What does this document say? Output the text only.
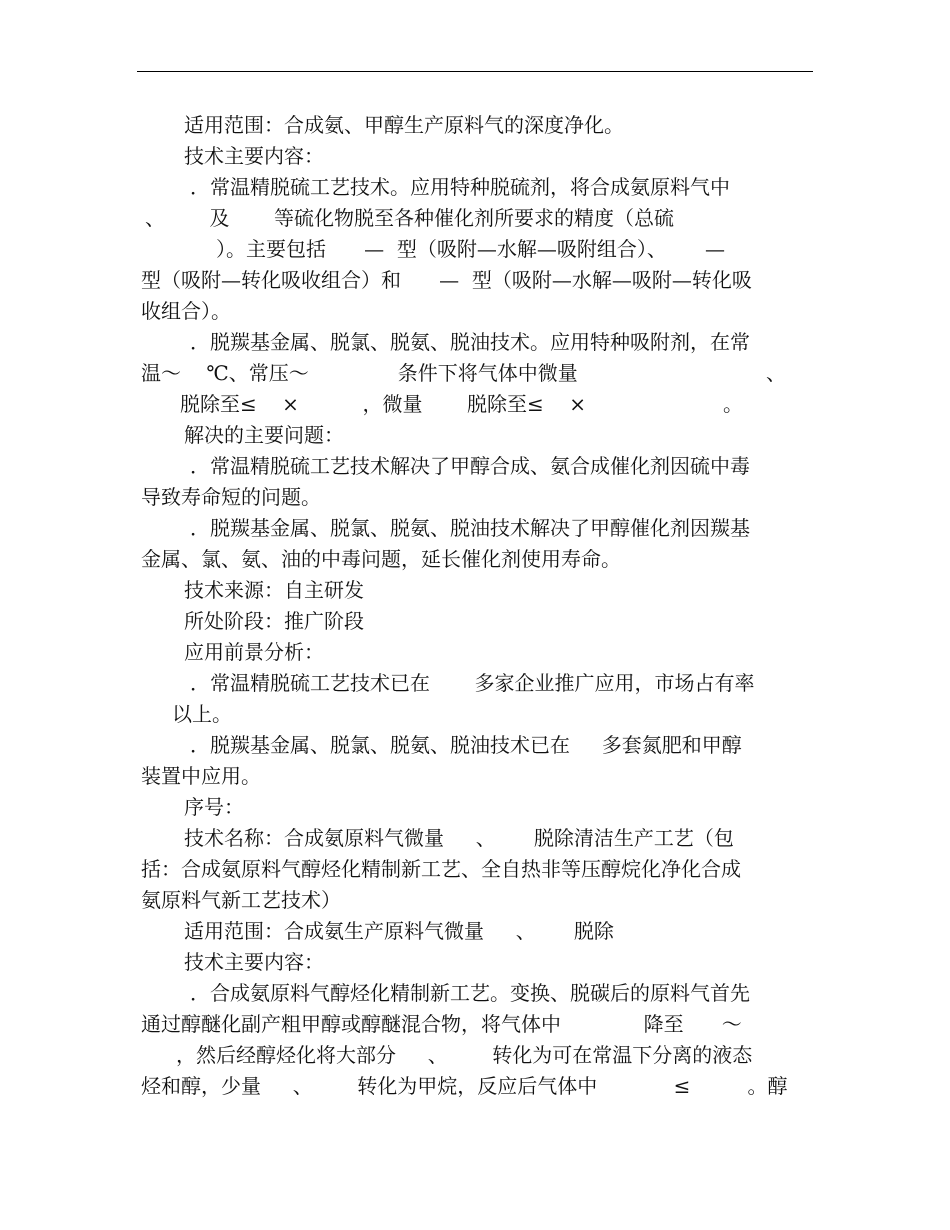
适用范围：合成氨、甲醇生产原料气的深度净化。
技术主要内容：
．常温精脱硫工艺技术。应用特种脱硫剂，将合成氨原料气中
、       及       等硫化物脱至各种催化剂所要求的精度（总硫
）。主要包括      —  型（吸附—水解—吸附组合）、      —
型（吸附—转化吸收组合）和      —  型（吸附—水解—吸附—转化吸
收组合）。
．脱羰基金属、脱氯、脱氨、脱油技术。应用特种吸附剂，在常
温～    ℃、常压～              条件下将气体中微量	、
脱除至≤    ×          ，微量       脱除至≤    ×	。
解决的主要问题：
．常温精脱硫工艺技术解决了甲醇合成、氨合成催化剂因硫中毒
导致寿命短的问题。
．脱羰基金属、脱氯、脱氨、脱油技术解决了甲醇催化剂因羰基
金属、氯、氨、油的中毒问题，延长催化剂使用寿命。
技术来源：自主研发
所处阶段：推广阶段
应用前景分析：
．常温精脱硫工艺技术已在       多家企业推广应用，市场占有率
以上。
．脱羰基金属、脱氯、脱氨、脱油技术已在     多套氮肥和甲醇
装置中应用。
序号：
技术名称：合成氨原料气微量     、      脱除清洁生产工艺（包
括：合成氨原料气醇烃化精制新工艺、全自热非等压醇烷化净化合成
氨原料气新工艺技术）
适用范围：合成氨生产原料气微量     、      脱除
技术主要内容：
．合成氨原料气醇烃化精制新工艺。变换、脱碳后的原料气首先
通过醇醚化副产粗甲醇或醇醚混合物，将气体中             降至      ～
，然后经醇烃化将大部分     、       转化为可在常温下分离的液态
烃和醇，少量     、       转化为甲烷，反应后气体中            ≤         。醇
